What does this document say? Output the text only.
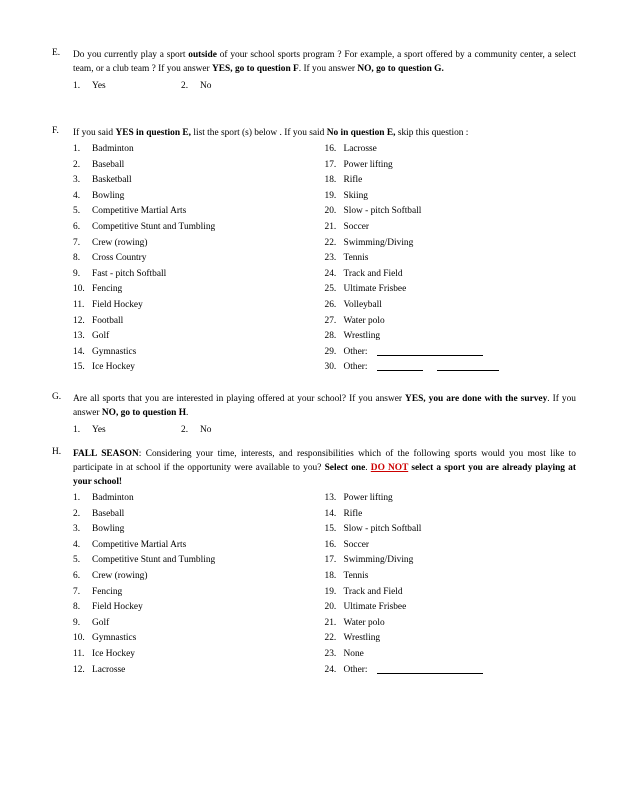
E.	Do you currently play a sport outside of your school sports program ? For example, a sport offered by a community center, a select team, or a club team ? If you answer YES, go to question F. If you answer NO, go to question G.
1.	Yes	2.	No
F.	If you said YES in question E, list the sport (s) below . If you said No in question E, skip this question :
1.	Badminton
2.	Baseball
3.	Basketball
4.	Bowling
5.	Competitive Martial Arts
6.	Competitive Stunt and Tumbling
7.	Crew (rowing)
8.	Cross Country
9.	Fast - pitch Softball
10. Fencing
11. Field Hockey
12. Football
13. Golf
14. Gymnastics
15. Ice Hockey
16. Lacrosse
17. Power lifting
18. Rifle
19. Skiing
20. Slow - pitch Softball
21. Soccer
22. Swimming/Diving
23. Tennis
24. Track and Field
25. Ultimate Frisbee
26. Volleyball
27. Water polo
28. Wrestling
29. Other:
30. Other:
G.	Are all sports that you are interested in playing offered at your school? If you answer YES, you are done with the survey. If you answer NO, go to question H.
1.	Yes	2.	No
H.	FALL SEASON: Considering your time, interests, and responsibilities which of the following sports would you most like to participate in at school if the opportunity were available to you? Select one. DO NOT select a sport you are already playing at your school!
1.	Badminton
2.	Baseball
3.	Bowling
4.	Competitive Martial Arts
5.	Competitive Stunt and Tumbling
6.	Crew (rowing)
7.	Fencing
8.	Field Hockey
9.	Golf
10. Gymnastics
11. Ice Hockey
12. Lacrosse
13. Power lifting
14. Rifle
15. Slow - pitch Softball
16. Soccer
17. Swimming/Diving
18. Tennis
19. Track and Field
20. Ultimate Frisbee
21. Water polo
22. Wrestling
23. None
24. Other:
